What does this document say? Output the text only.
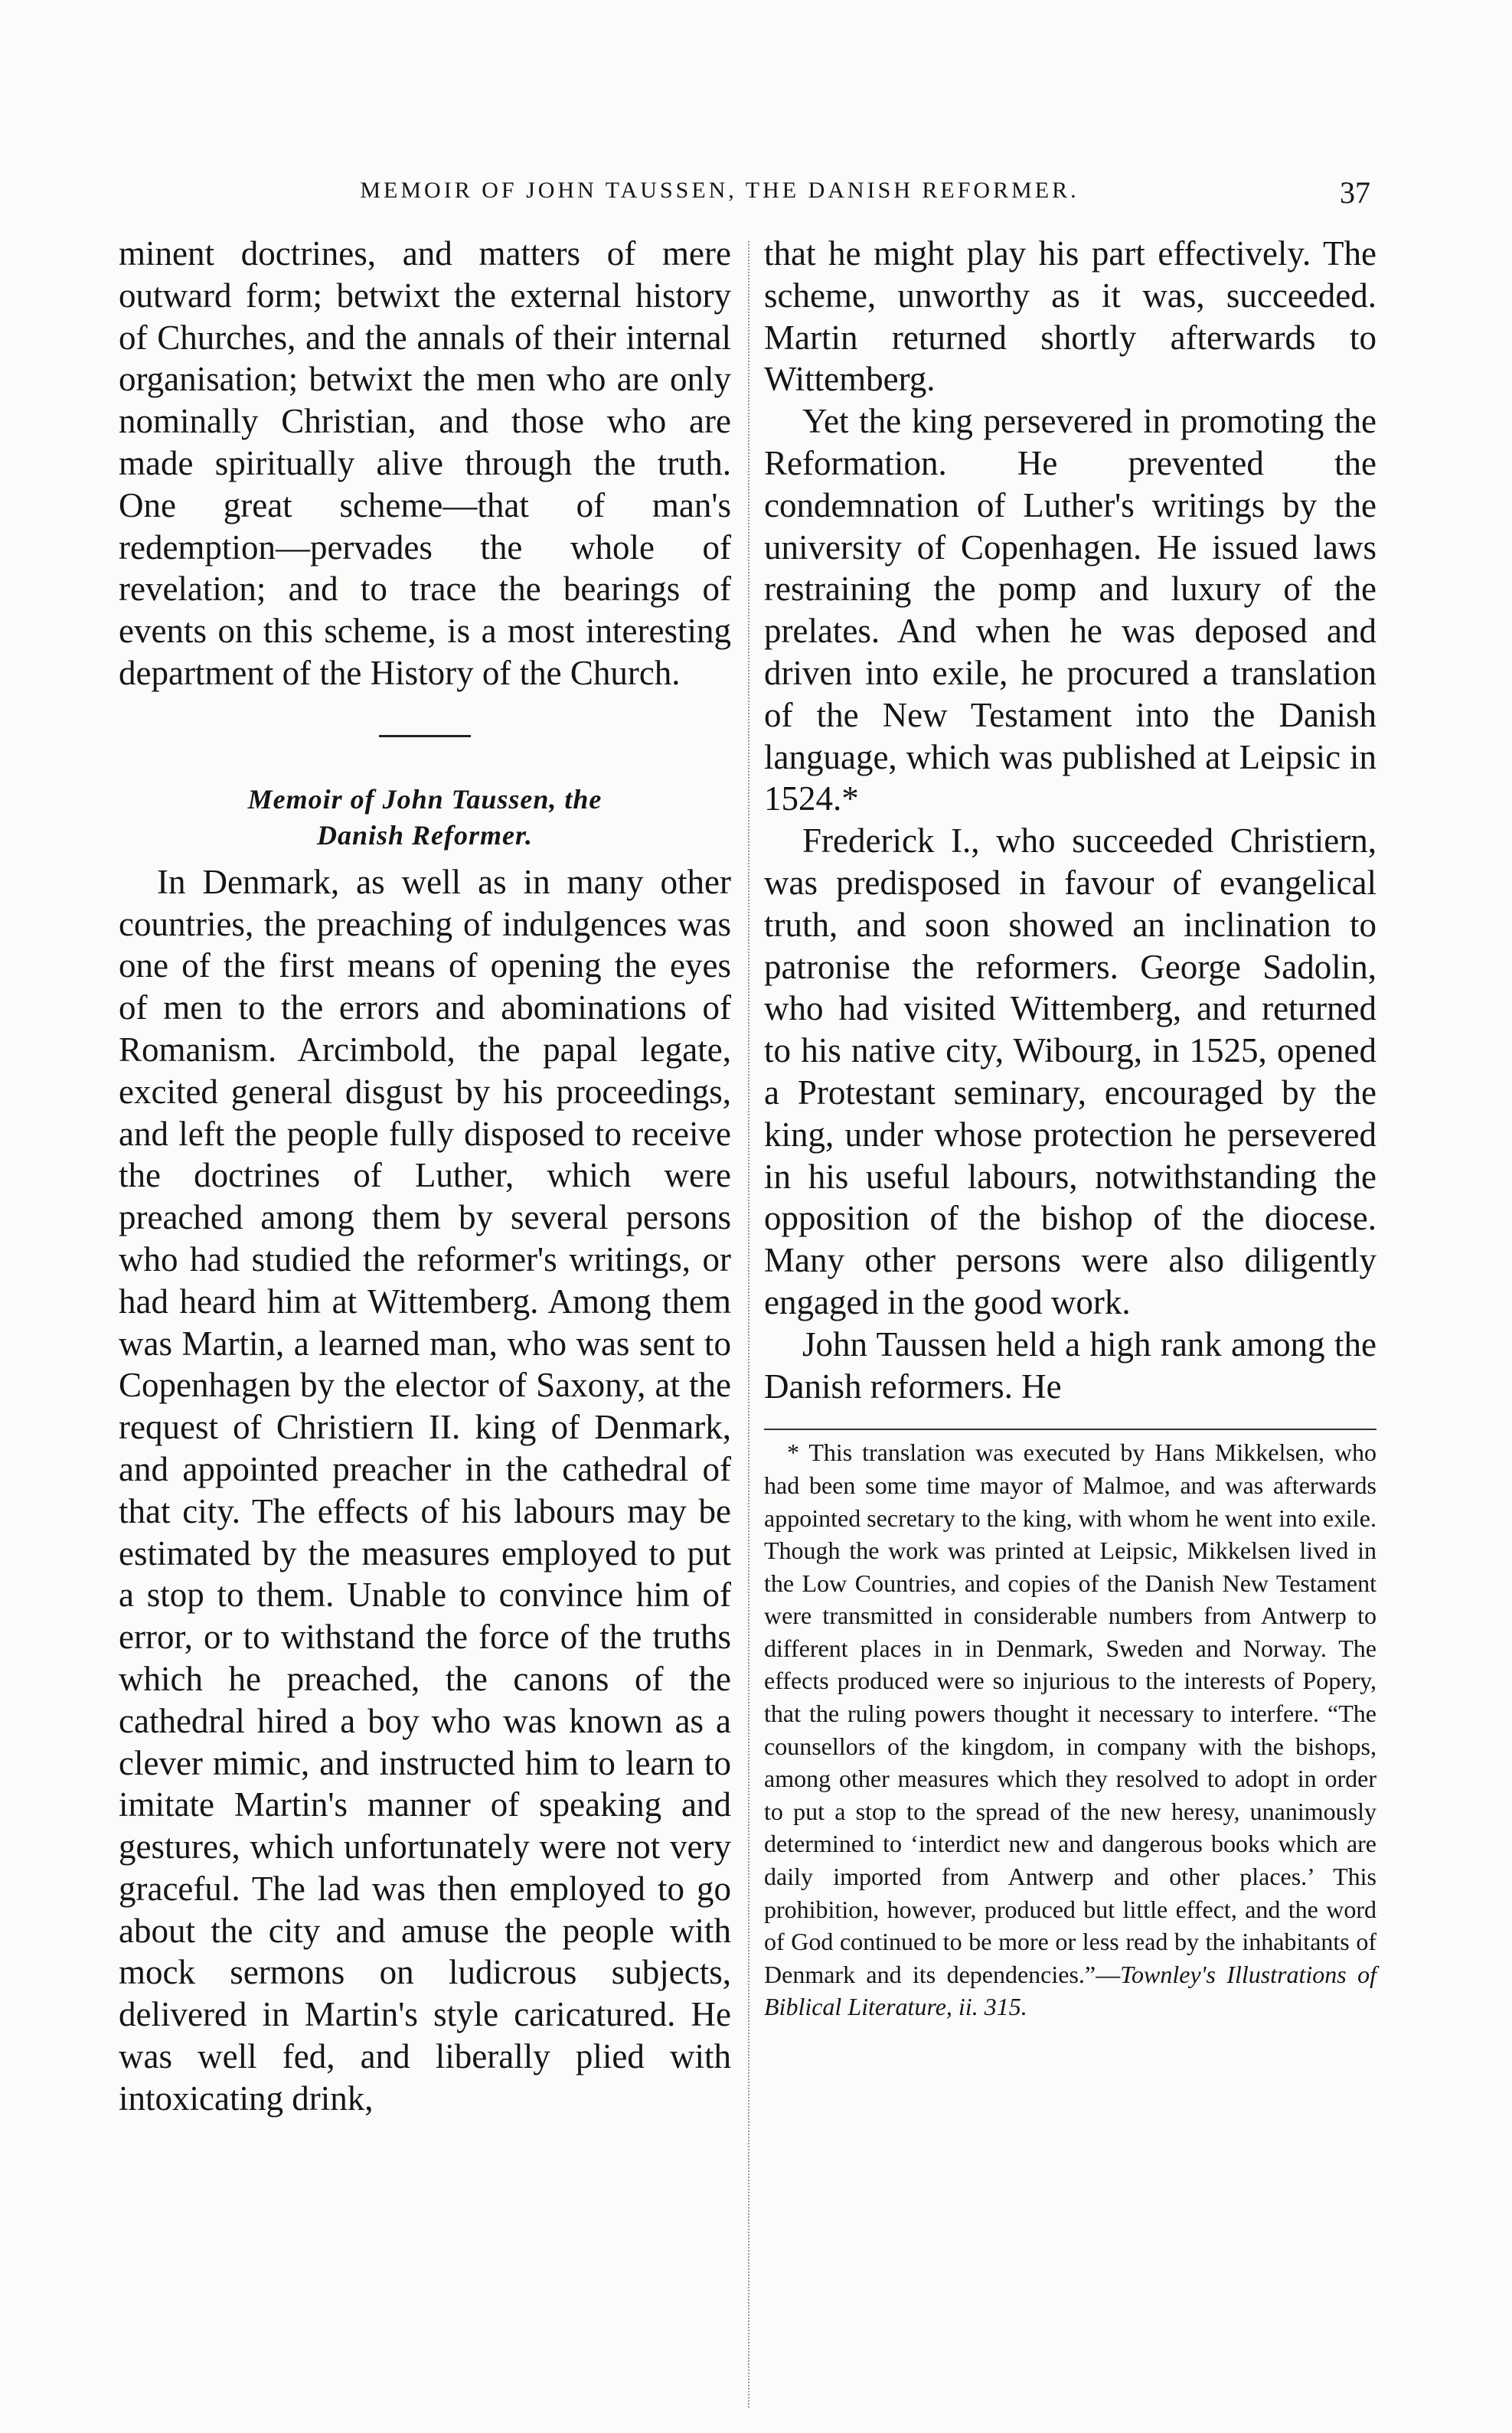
MEMOIR OF JOHN TAUSSEN, THE DANISH REFORMER.	37

minent doctrines, and matters of mere outward form; betwixt the external history of Churches, and the annals of their internal organisation; betwixt the men who are only nominally Christian, and those who are made spiritually alive through the truth. One great scheme—that of man's redemption—pervades the whole of revelation; and to trace the bearings of events on this scheme, is a most interesting department of the History of the Church.

Memoir of John Taussen, the
Danish Reformer.

In Denmark, as well as in many other countries, the preaching of indulgences was one of the first means of opening the eyes of men to the errors and abominations of Romanism. Arcimbold, the papal legate, excited general disgust by his proceedings, and left the people fully disposed to receive the doctrines of Luther, which were preached among them by several persons who had studied the reformer's writings, or had heard him at Wittemberg. Among them was Martin, a learned man, who was sent to Copenhagen by the elector of Saxony, at the request of Christiern II. king of Denmark, and appointed preacher in the cathedral of that city. The effects of his labours may be estimated by the measures employed to put a stop to them. Unable to convince him of error, or to withstand the force of the truths which he preached, the canons of the cathedral hired a boy who was known as a clever mimic, and instructed him to learn to imitate Martin's manner of speaking and gestures, which unfortunately were not very graceful. The lad was then employed to go about the city and amuse the people with mock sermons on ludicrous subjects, delivered in Martin's style caricatured. He was well fed, and liberally plied with intoxicating drink,

that he might play his part effectively. The scheme, unworthy as it was, succeeded. Martin returned shortly afterwards to Wittemberg.

Yet the king persevered in promoting the Reformation. He prevented the condemnation of Luther's writings by the university of Copenhagen. He issued laws restraining the pomp and luxury of the prelates. And when he was deposed and driven into exile, he procured a translation of the New Testament into the Danish language, which was published at Leipsic in 1524.*

Frederick I., who succeeded Christiern, was predisposed in favour of evangelical truth, and soon showed an inclination to patronise the reformers. George Sadolin, who had visited Wittemberg, and returned to his native city, Wibourg, in 1525, opened a Protestant seminary, encouraged by the king, under whose protection he persevered in his useful labours, notwithstanding the opposition of the bishop of the diocese. Many other persons were also diligently engaged in the good work.

John Taussen held a high rank among the Danish reformers. He

* This translation was executed by Hans Mikkelsen, who had been some time mayor of Malmoe, and was afterwards appointed secretary to the king, with whom he went into exile. Though the work was printed at Leipsic, Mikkelsen lived in the Low Countries, and copies of the Danish New Testament were transmitted in considerable numbers from Antwerp to different places in in Denmark, Sweden and Norway. The effects produced were so injurious to the interests of Popery, that the ruling powers thought it necessary to interfere. “The counsellors of the kingdom, in company with the bishops, among other measures which they resolved to adopt in order to put a stop to the spread of the new heresy, unanimously determined to ‘interdict new and dangerous books which are daily imported from Antwerp and other places.’ This prohibition, however, produced but little effect, and the word of God continued to be more or less read by the inhabitants of Denmark and its dependencies.”—Townley's Illustrations of Biblical Literature, ii. 315.
